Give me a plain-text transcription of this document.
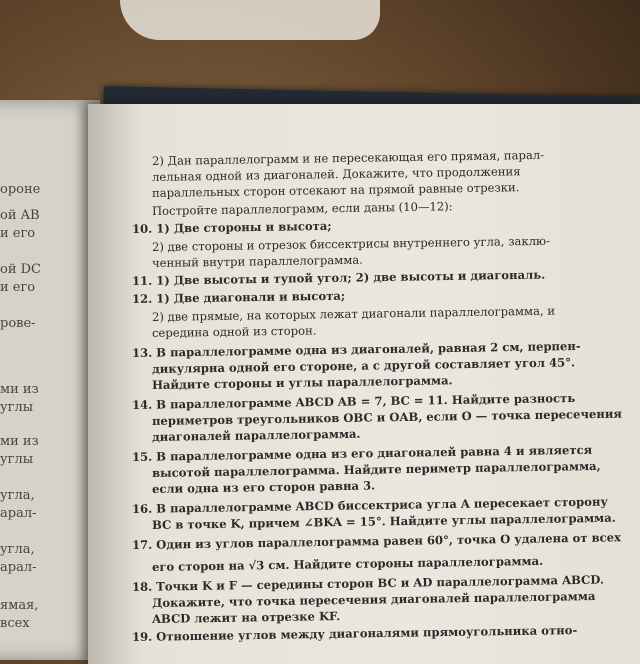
ороне
ой AB
и его
ой DC
и его
рове-
ми из
углы
ми из
углы
угла,
арал-
угла,
арал-
ямая,
всех
2) Дан параллелограмм и не пересекающая его прямая, парал-
лельная одной из диагоналей. Докажите, что продолжения
параллельных сторон отсекают на прямой равные отрезки.
Постройте параллелограмм, если даны (10—12):
10. 1) Две стороны и высота;
2) две стороны и отрезок биссектрисы внутреннего угла, заклю-
ченный внутри параллелограмма.
11. 1) Две высоты и тупой угол; 2) две высоты и диагональ.
12. 1) Две диагонали и высота;
2) две прямые, на которых лежат диагонали параллелограмма, и
середина одной из сторон.
13. В параллелограмме одна из диагоналей, равная 2 см, перпен-
дикулярна одной его стороне, а с другой составляет угол 45°.
Найдите стороны и углы параллелограмма.
14. В параллелограмме ABCD AB = 7, BC = 11. Найдите разность
периметров треугольников OBC и OAB, если O — точка пересечения
диагоналей параллелограмма.
15. В параллелограмме одна из его диагоналей равна 4 и является
высотой параллелограмма. Найдите периметр параллелограмма,
если одна из его сторон равна 3.
16. В параллелограмме ABCD биссектриса угла A пересекает сторону
BC в точке K, причем ∠BKA = 15°. Найдите углы параллелограмма.
17. Один из углов параллелограмма равен 60°, точка O удалена от всех
его сторон на √3 см. Найдите стороны параллелограмма.
18. Точки K и F — середины сторон BC и AD параллелограмма ABCD.
Докажите, что точка пересечения диагоналей параллелограмма
ABCD лежит на отрезке KF.
19. Отношение углов между диагоналями прямоугольника отно-
